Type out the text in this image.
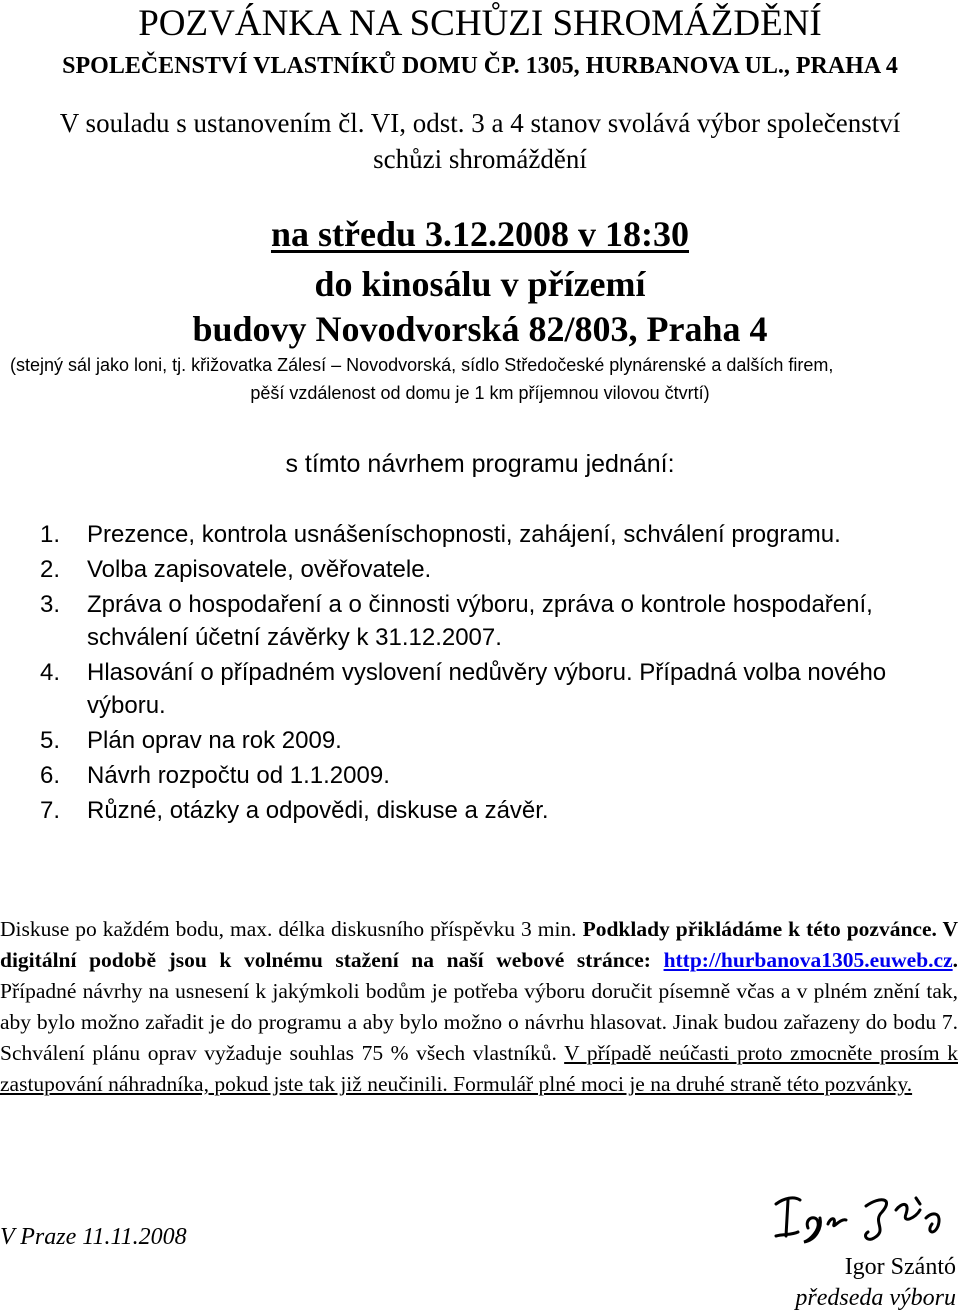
POZVÁNKA NA SCHŮZI SHROMÁŽDĚNÍ
SPOLEČENSTVÍ VLASTNÍKŮ DOMU ČP. 1305, HURBANOVA UL., PRAHA 4
V souladu s ustanovením čl. VI, odst. 3 a 4 stanov svolává výbor společenství
schůzi shromáždění
na středu 3.12.2008 v 18:30
do kinosálu v přízemí
budovy Novodvorská 82/803, Praha 4
(stejný sál jako loni, tj. křižovatka Zálesí – Novodvorská, sídlo Středočeské plynárenské a dalších firem,
pěší vzdálenost od domu je 1 km příjemnou vilovou čtvrtí)
s tímto návrhem programu jednání:
1. Prezence, kontrola usnášeníschopnosti, zahájení, schválení programu.
2. Volba zapisovatele, ověřovatele.
3. Zpráva o hospodaření a o činnosti výboru, zpráva o kontrole hospodaření, schválení účetní závěrky k 31.12.2007.
4. Hlasování o případném vyslovení nedůvěry výboru. Případná volba nového výboru.
5. Plán oprav na rok 2009.
6. Návrh rozpočtu od 1.1.2009.
7. Různé, otázky a odpovědi, diskuse a závěr.

Diskuse po každém bodu, max. délka diskusního příspěvku 3 min. Podklady přikládáme k této pozvánce. V digitální podobě jsou k volnému stažení na naší webové stránce: http://hurbanova1305.euweb.cz. Případné návrhy na usnesení k jakýmkoli bodům je potřeba výboru doručit písemně včas a v plném znění tak, aby bylo možno zařadit je do programu a aby bylo možno o návrhu hlasovat. Jinak budou zařazeny do bodu 7. Schválení plánu oprav vyžaduje souhlas 75 % všech vlastníků. V případě neúčasti proto zmocněte prosím k zastupování náhradníka, pokud jste tak již neučinili. Formulář plné moci je na druhé straně této pozvánky.

V Praze 11.11.2008
Igor Szántó
předseda výboru
